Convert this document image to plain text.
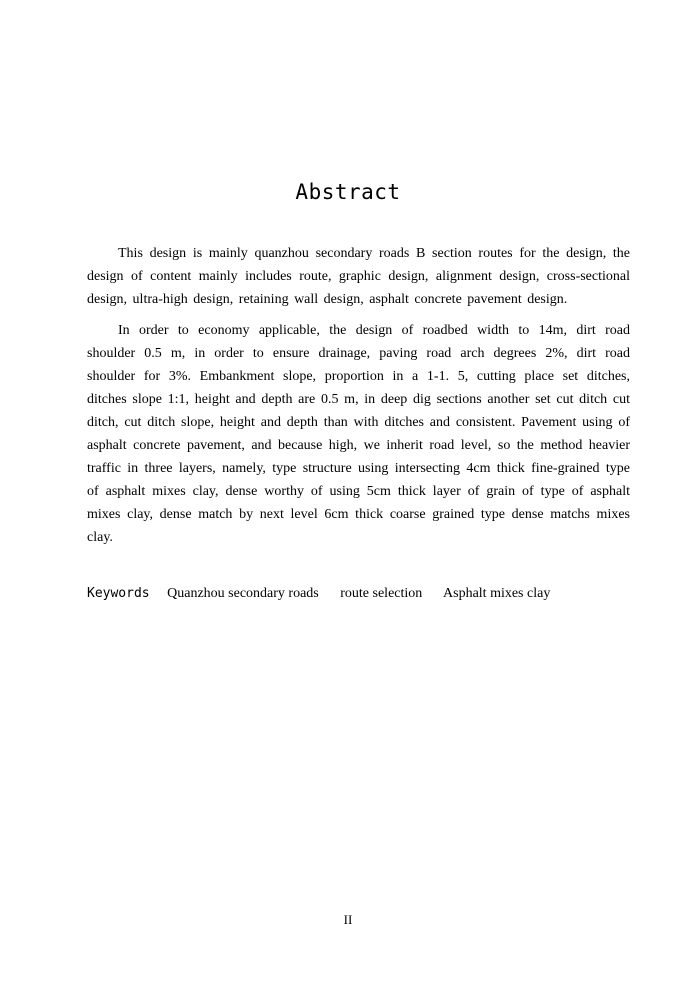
Abstract

This design is mainly quanzhou secondary roads B section routes for the design, the design of content mainly includes route, graphic design, alignment design, cross-sectional design, ultra-high design, retaining wall design, asphalt concrete pavement design.

In order to economy applicable, the design of roadbed width to 14m, dirt road shoulder 0.5 m, in order to ensure drainage, paving road arch degrees 2%, dirt road shoulder for 3%. Embankment slope, proportion in a 1-1. 5, cutting place set ditches, ditches slope 1:1, height and depth are 0.5 m, in deep dig sections another set cut ditch cut ditch, cut ditch slope, height and depth than with ditches and consistent. Pavement using of asphalt concrete pavement, and because high, we inherit road level, so the method heavier traffic in three layers, namely, type structure using intersecting 4cm thick fine-grained type of asphalt mixes clay, dense worthy of using 5cm thick layer of grain of type of asphalt mixes clay, dense match by next level 6cm thick coarse grained type dense matchs mixes clay.

Keywords Quanzhou secondary roads route selection Asphalt mixes clay
II
